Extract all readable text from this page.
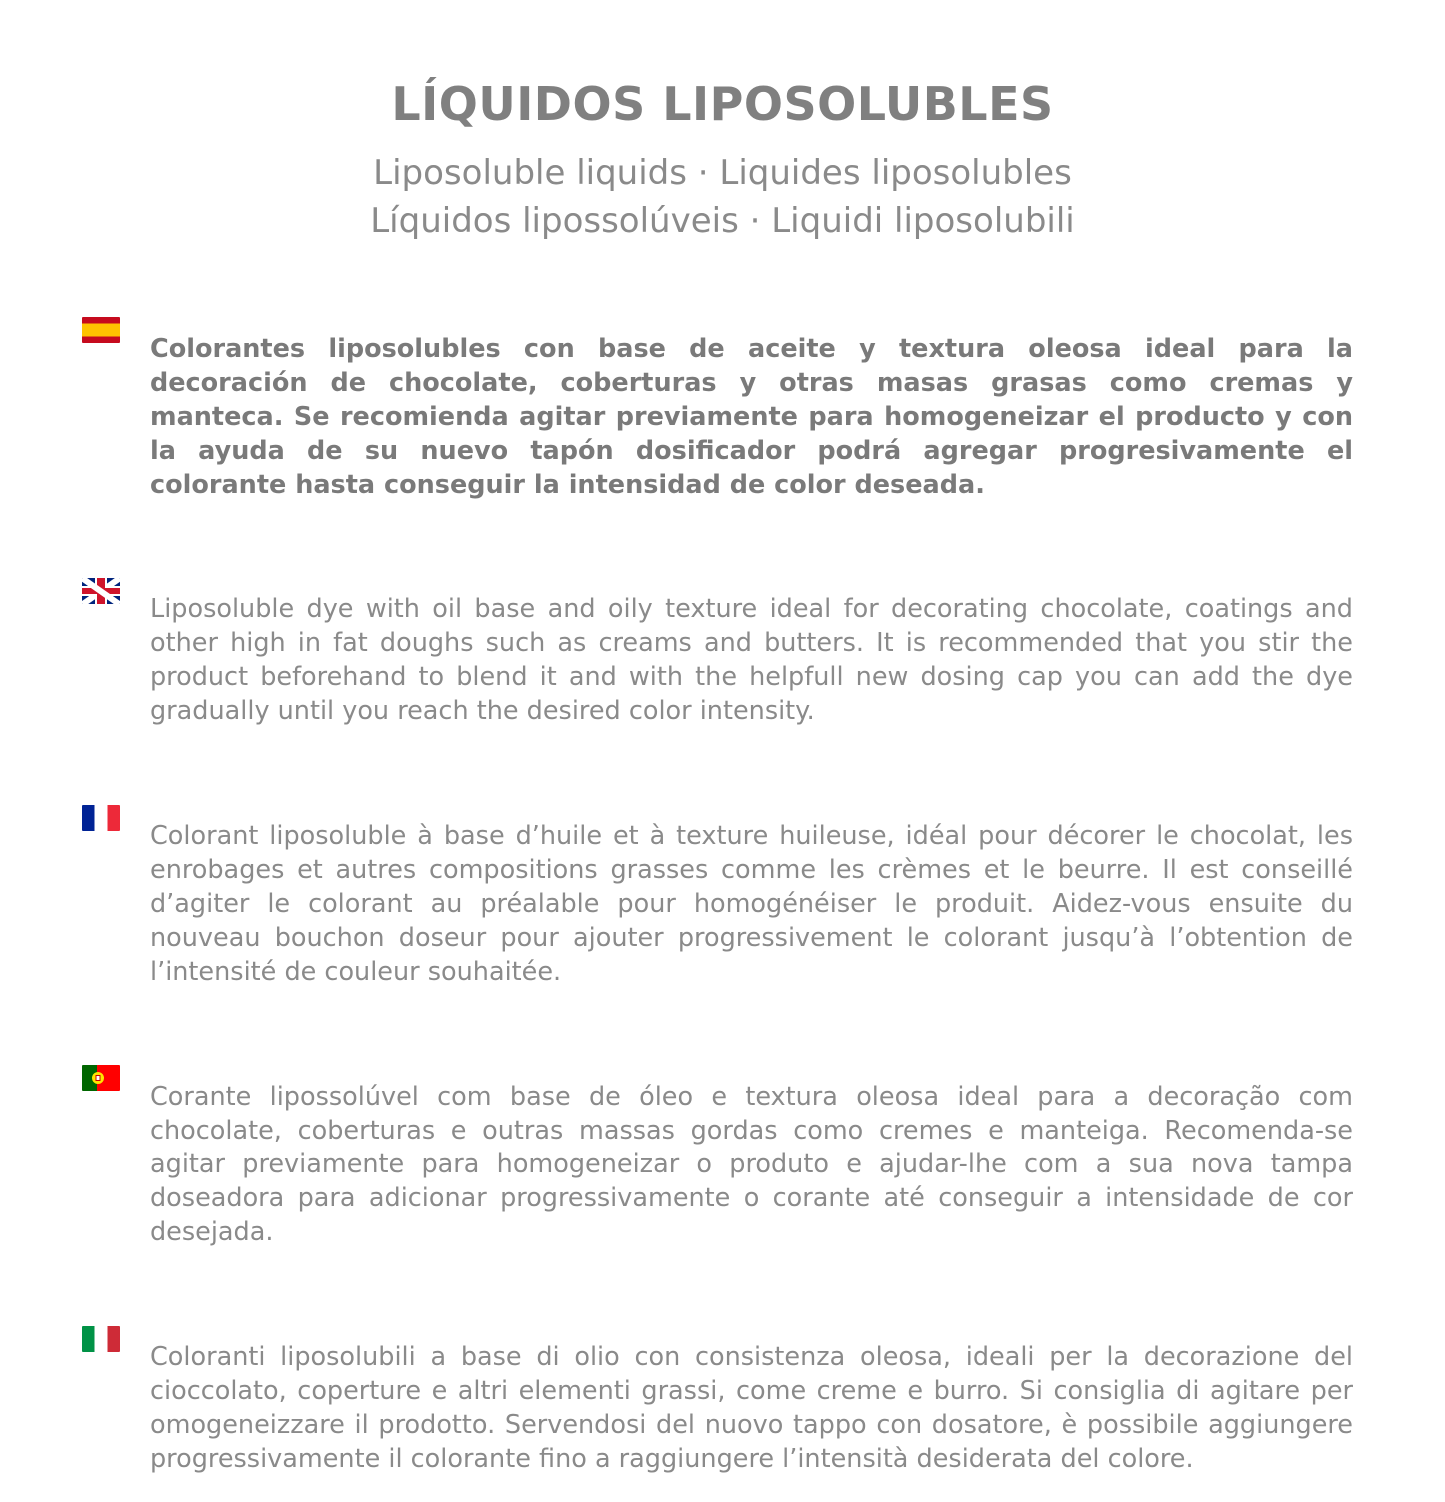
LÍQUIDOS LIPOSOLUBLES
Liposoluble liquids · Liquides liposolubles
Líquidos lipossolúveis · Liquidi liposolubili

Colorantes liposolubles con base de aceite y textura oleosa ideal para la decoración de chocolate, coberturas y otras masas grasas como cremas y manteca. Se recomienda agitar previamente para homogeneizar el producto y con la ayuda de su nuevo tapón dosificador podrá agregar progresivamente el colorante hasta conseguir la intensidad de color deseada.

Liposoluble dye with oil base and oily texture ideal for decorating chocolate, coatings and other high in fat doughs such as creams and butters. It is recommended that you stir the product beforehand to blend it and with the helpfull new dosing cap you can add the dye gradually until you reach the desired color intensity.

Colorant liposoluble à base d’huile et à texture huileuse, idéal pour décorer le chocolat, les enrobages et autres compositions grasses comme les crèmes et le beurre. Il est conseillé d’agiter le colorant au préalable pour homogénéiser le produit. Aidez-vous ensuite du nouveau bouchon doseur pour ajouter progressivement le colorant jusqu’à l’obtention de l’intensité de couleur souhaitée.

Corante lipossolúvel com base de óleo e textura oleosa ideal para a decoração com chocolate, coberturas e outras massas gordas como cremes e manteiga. Recomenda-se agitar previamente para homogeneizar o produto e ajudar-lhe com a sua nova tampa doseadora para adicionar progressivamente o corante até conseguir a intensidade de cor desejada.

Coloranti liposolubili a base di olio con consistenza oleosa, ideali per la decorazione del cioccolato, coperture e altri elementi grassi, come creme e burro. Si consiglia di agitare per omogeneizzare il prodotto. Servendosi del nuovo tappo con dosatore, è possibile aggiungere progressivamente il colorante fino a raggiungere l’intensità desiderata del colore.
